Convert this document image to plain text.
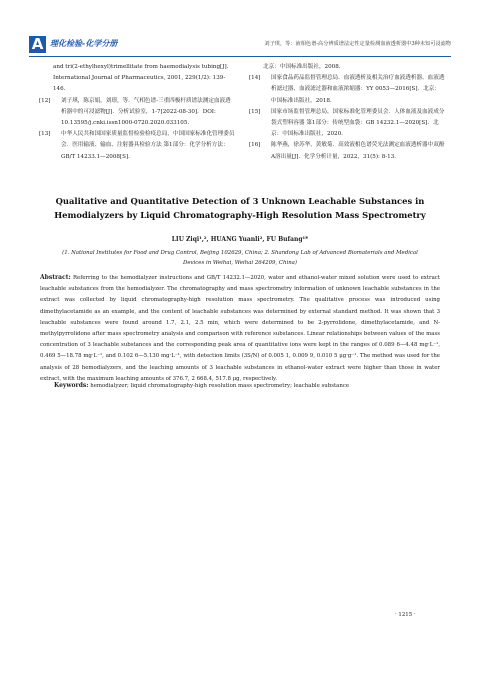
A 理化检验-化学分册	刘子琪，等：液相色谱-高分辨质谱法定性定量检测血液透析器中3种未知可浸滤物
and tri(2-ethylhexyl)trimellitate from haemodialysis tubing[J]. International Journal of Pharmaceutics, 2001, 229(1/2): 139-146.
[12] 刘子琪，陈京娟，刘璟，等．气相色谱-三重四极杆质谱法测定血液透析器中的可浸滤物[J]．分析试验室，1-7[2022-08-30]．DOI: 10.13595/j.cnki.issn1000-0720.2020.033105.
[13] 中华人民共和国国家质量监督检验检疫总局，中国国家标准化管理委员会．医用输液、输血、注射器具检验方法 第1部分：化学分析方法：GB/T 14233.1—2008[S].
北京：中国标准出版社，2008.
[14] 国家食品药品监督管理总局．血液透析及相关治疗血液透析器、血液透析滤过器、血液滤过器和血液浓缩器：YY 0053—2016[S]．北京：中国标准出版社，2018.
[15] 国家市场监督管理总局，国家标准化管理委员会．人体血液及血液成分袋式塑料容器 第1部分：传统型血袋：GB 14232.1—2020[S]．北京：中国标准出版社，2020.
[16] 陈华燕，徐苏华，黄敏菊．高效液相色谱荧光法测定血液透析器中双酚A溶出量[J]．化学分析计量，2022，31(5): 8-13.
Qualitative and Quantitative Detection of 3 Unknown Leachable Substances in Hemodialyzers by Liquid Chromatography-High Resolution Mass Spectrometry
LIU Ziqi¹,², HUANG Yuanli², FU Bufang¹*
(1. National Institutes for Food and Drug Control, Beijing 102629, China; 2. Shandong Lab of Advanced Biomaterials and Medical Devices in Weihai, Weihai 264209, China)
Abstract: Referring to the hemodialyzer instructions and GB/T 14232.1—2020, water and ethanol-water mixed solution were used to extract leachable substances from the hemodialyzer. The chromatography and mass spectrometry information of unknown leachable substances in the extract was collected by liquid chromatography-high resolution mass spectrometry. The qualitative process was introduced using dimethylacetamide as an example, and the content of leachable substances was determined by external standard method. It was shown that 3 leachable substances were found around 1.7, 2.1, 2.5 min, which were determined to be 2-pyrrolidone, dimethylacetamide, and N-methylpyrrolidone after mass spectrometry analysis and comparison with reference substances. Linear relationships between values of the mass concentration of 3 leachable substances and the corresponding peak area of quantitative ions were kept in the ranges of 0.089 6—4.48 mg·L⁻¹, 0.469 5—18.78 mg·L⁻¹, and 0.102 6—5.130 mg·L⁻¹, with detection limits (3S/N) of 0.005 1, 0.009 9, 0.010 5 μg·g⁻¹. The method was used for the analysis of 28 hemodialyzers, and the leaching amounts of 3 leachable substances in ethanol-water extract were higher than those in water extract, with the maximum leaching amounts of 376.7, 2 668.4, 517.8 μg, respectively.
Keywords: hemodialyzer; liquid chromatography-high resolution mass spectrometry; leachable substance
· 1215 ·
